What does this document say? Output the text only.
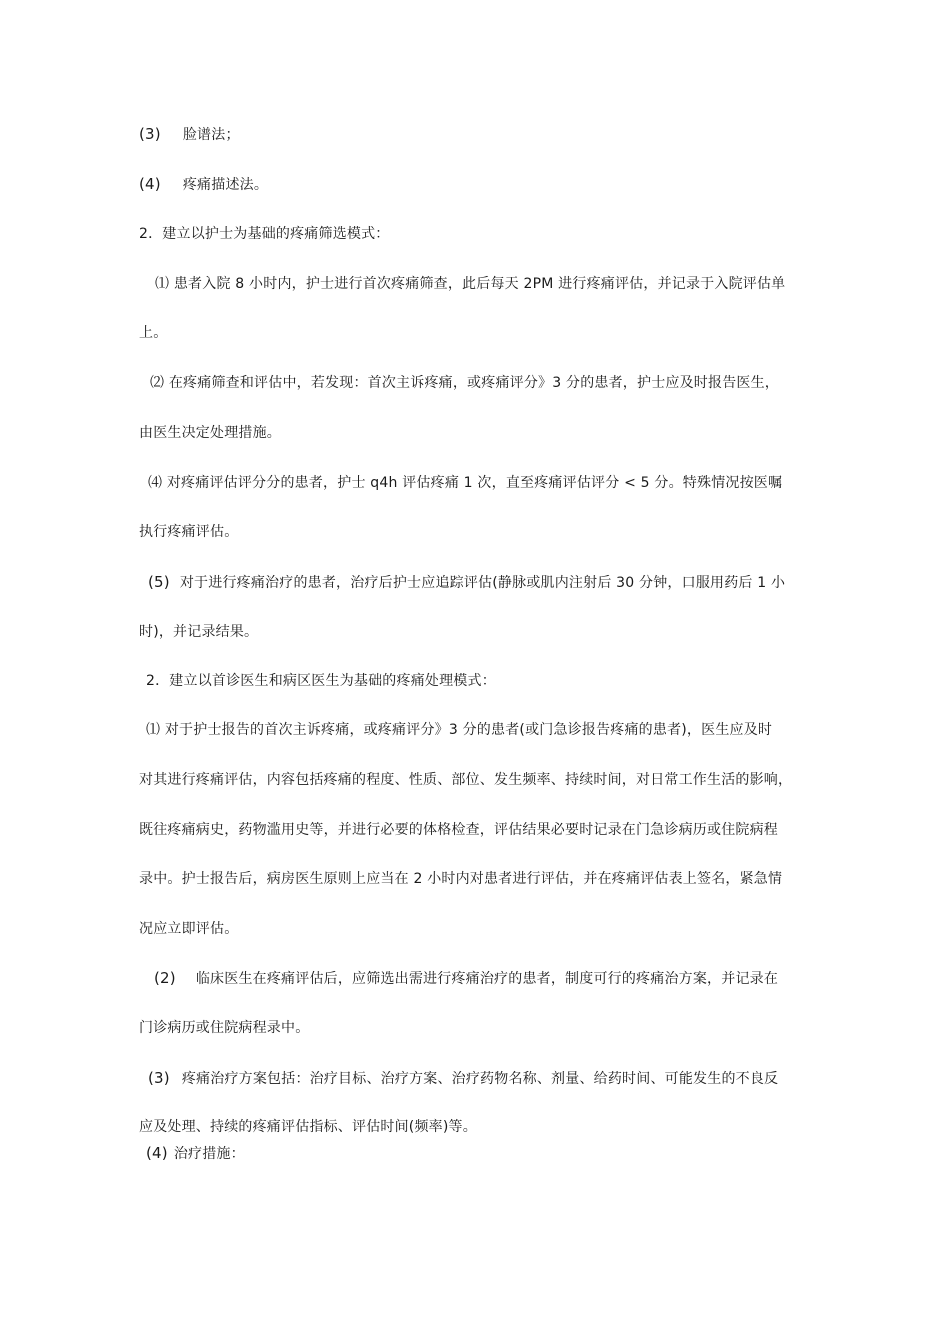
(3) 脸谱法；
(4) 疼痛描述法。
2．建立以护士为基础的疼痛筛选模式：
⑴ 患者入院 8 小时内，护士进行首次疼痛筛查，此后每天 2PM 进行疼痛评估，并记录于入院评估单
上。
⑵ 在疼痛筛查和评估中，若发现：首次主诉疼痛，或疼痛评分》3 分的患者，护士应及时报告医生，
由医生决定处理措施。
⑷ 对疼痛评估评分分的患者，护士 q4h 评估疼痛 1 次，直至疼痛评估评分 < 5 分。特殊情况按医嘱
执行疼痛评估。
(5) 对于进行疼痛治疗的患者，治疗后护士应追踪评估(静脉或肌内注射后 30 分钟，口服用药后 1 小
时)，并记录结果。
2．建立以首诊医生和病区医生为基础的疼痛处理模式：
⑴ 对于护士报告的首次主诉疼痛，或疼痛评分》3 分的患者(或门急诊报告疼痛的患者)，医生应及时
对其进行疼痛评估，内容包括疼痛的程度、性质、部位、发生频率、持续时间，对日常工作生活的影响，
既往疼痛病史，药物滥用史等，并进行必要的体格检查，评估结果必要时记录在门急诊病历或住院病程
录中。护士报告后，病房医生原则上应当在 2 小时内对患者进行评估，并在疼痛评估表上签名，紧急情
况应立即评估。
(2) 临床医生在疼痛评估后，应筛选出需进行疼痛治疗的患者，制度可行的疼痛治方案，并记录在
门诊病历或住院病程录中。
(3) 疼痛治疗方案包括：治疗目标、治疗方案、治疗药物名称、剂量、给药时间、可能发生的不良反
应及处理、持续的疼痛评估指标、评估时间(频率)等。
(4) 治疗措施：
